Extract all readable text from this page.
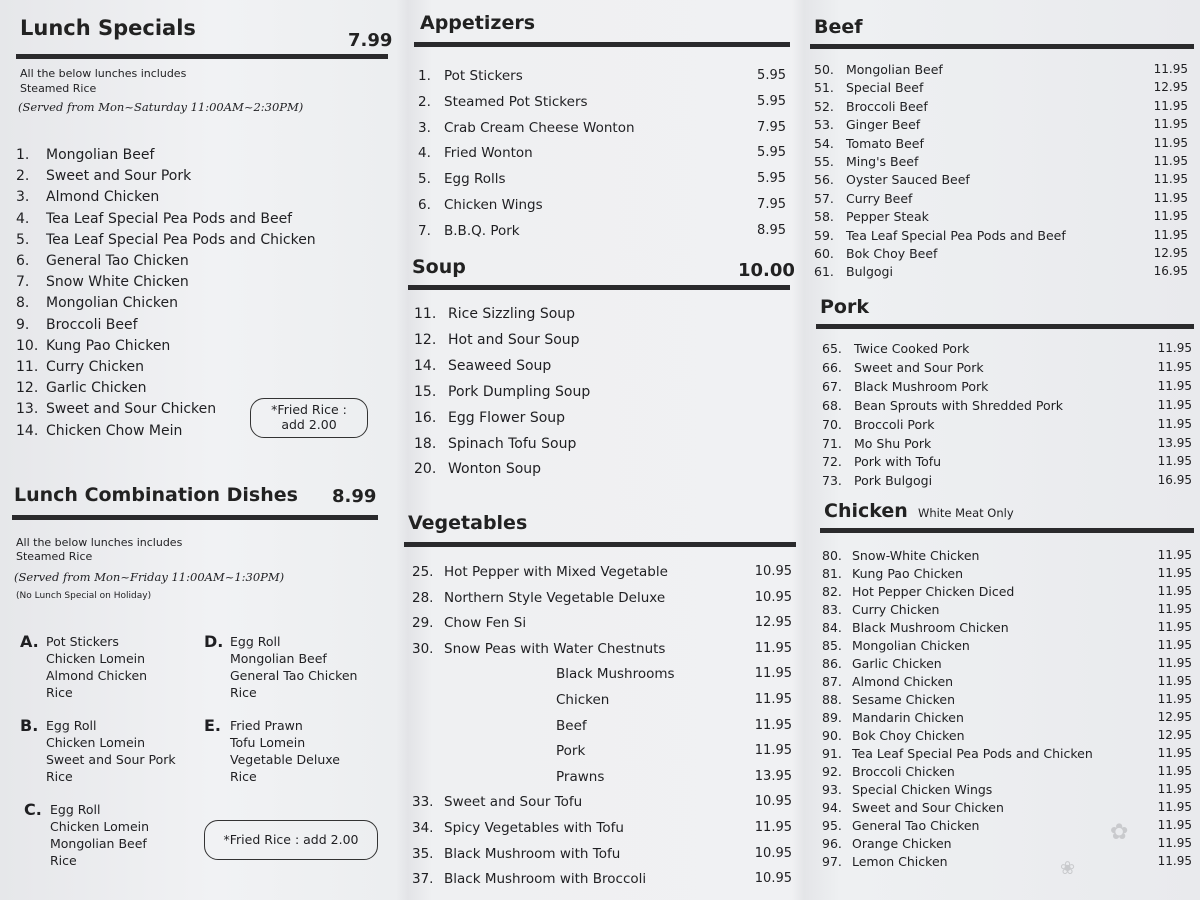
Lunch Specials
7.99
All the below lunches includes
Steamed Rice
(Served from Mon~Saturday 11:00AM~2:30PM)
1. Mongolian Beef
2. Sweet and Sour Pork
3. Almond Chicken
4. Tea Leaf Special Pea Pods and Beef
5. Tea Leaf Special Pea Pods and Chicken
6. General Tao Chicken
7. Snow White Chicken
8. Mongolian Chicken
9. Broccoli Beef
10. Kung Pao Chicken
11. Curry Chicken
12. Garlic Chicken
13. Sweet and Sour Chicken
14. Chicken Chow Mein
*Fried Rice :
add 2.00
Lunch Combination Dishes 8.99
All the below lunches includes
Steamed Rice
(Served from Mon~Friday 11:00AM~1:30PM)
(No Lunch Special on Holiday)
A. Pot Stickers
Chicken Lomein
Almond Chicken
Rice
B. Egg Roll
Chicken Lomein
Sweet and Sour Pork
Rice
C. Egg Roll
Chicken Lomein
Mongolian Beef
Rice
D. Egg Roll
Mongolian Beef
General Tao Chicken
Rice
E. Fried Prawn
Tofu Lomein
Vegetable Deluxe
Rice
*Fried Rice : add 2.00
Appetizers
1. Pot Stickers	5.95
2. Steamed Pot Stickers	5.95
3. Crab Cream Cheese Wonton	7.95
4. Fried Wonton	5.95
5. Egg Rolls	5.95
6. Chicken Wings	7.95
7. B.B.Q. Pork	8.95
Soup	10.00
11. Rice Sizzling Soup
12. Hot and Sour Soup
14. Seaweed Soup
15. Pork Dumpling Soup
16. Egg Flower Soup
18. Spinach Tofu Soup
20. Wonton Soup
Vegetables
25. Hot Pepper with Mixed Vegetable	10.95
28. Northern Style Vegetable Deluxe	10.95
29. Chow Fen Si	12.95
30. Snow Peas with Water Chestnuts	11.95
Black Mushrooms	11.95
Chicken	11.95
Beef	11.95
Pork	11.95
Prawns	13.95
33. Sweet and Sour Tofu	10.95
34. Spicy Vegetables with Tofu	11.95
35. Black Mushroom with Tofu	10.95
37. Black Mushroom with Broccoli	10.95
Beef
50. Mongolian Beef	11.95
51. Special Beef	12.95
52. Broccoli Beef	11.95
53. Ginger Beef	11.95
54. Tomato Beef	11.95
55. Ming's Beef	11.95
56. Oyster Sauced Beef	11.95
57. Curry Beef	11.95
58. Pepper Steak	11.95
59. Tea Leaf Special Pea Pods and Beef	11.95
60. Bok Choy Beef	12.95
61. Bulgogi	16.95
Pork
65. Twice Cooked Pork	11.95
66. Sweet and Sour Pork	11.95
67. Black Mushroom Pork	11.95
68. Bean Sprouts with Shredded Pork	11.95
70. Broccoli Pork	11.95
71. Mo Shu Pork	13.95
72. Pork with Tofu	11.95
73. Pork Bulgogi	16.95
Chicken White Meat Only
80. Snow-White Chicken	11.95
81. Kung Pao Chicken	11.95
82. Hot Pepper Chicken Diced	11.95
83. Curry Chicken	11.95
84. Black Mushroom Chicken	11.95
85. Mongolian Chicken	11.95
86. Garlic Chicken	11.95
87. Almond Chicken	11.95
88. Sesame Chicken	11.95
89. Mandarin Chicken	12.95
90. Bok Choy Chicken	12.95
91. Tea Leaf Special Pea Pods and Chicken	11.95
92. Broccoli Chicken	11.95
93. Special Chicken Wings	11.95
94. Sweet and Sour Chicken	11.95
95. General Tao Chicken	11.95
96. Orange Chicken	11.95
97. Lemon Chicken	11.95
✿
❀
